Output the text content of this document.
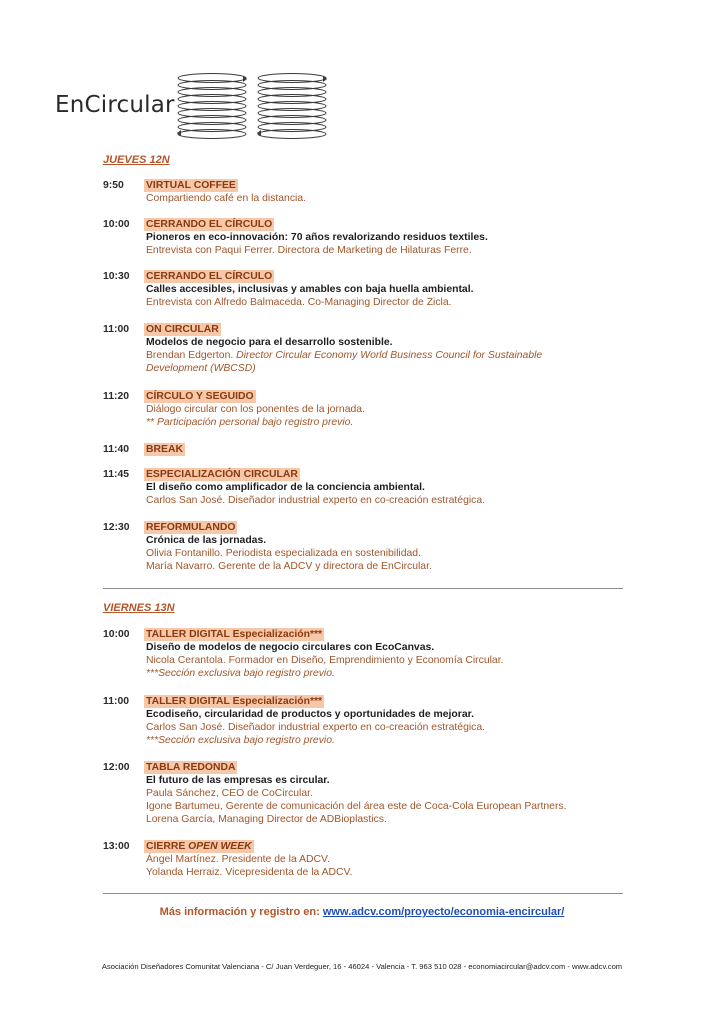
EnCircular
JUEVES 12N
9:50 VIRTUAL COFFEE
Compartiendo café en la distancia.
10:00 CERRANDO EL CÍRCULO
Pioneros en eco-innovación: 70 años revalorizando residuos textiles.
Entrevista con Paqui Ferrer. Directora de Marketing de Hilaturas Ferre.
10:30 CERRANDO EL CÍRCULO
Calles accesibles, inclusivas y amables con baja huella ambiental.
Entrevista con Alfredo Balmaceda. Co-Managing Director de Zicla.
11:00 ON CIRCULAR
Modelos de negocio para el desarrollo sostenible.
Brendan Edgerton. Director Circular Economy World Business Council for Sustainable
Development (WBCSD)
11:20 CÍRCULO Y SEGUIDO
Diálogo circular con los ponentes de la jornada.
** Participación personal bajo registro previo.
11:40 BREAK
11:45 ESPECIALIZACIÓN CIRCULAR
El diseño como amplificador de la conciencia ambiental.
Carlos San José. Diseñador industrial experto en co-creación estratégica.
12:30 REFORMULANDO
Crónica de las jornadas.
Olivia Fontanillo. Periodista especializada en sostenibilidad.
María Navarro. Gerente de la ADCV y directora de EnCircular.
VIERNES 13N
10:00 TALLER DIGITAL Especialización***
Diseño de modelos de negocio circulares con EcoCanvas.
Nicola Cerantola. Formador en Diseño, Emprendimiento y Economía Circular.
***Sección exclusiva bajo registro previo.
11:00 TALLER DIGITAL Especialización***
Ecodiseño, circularidad de productos y oportunidades de mejorar.
Carlos San José. Diseñador industrial experto en co-creación estratégica.
***Sección exclusiva bajo registro previo.
12:00 TABLA REDONDA
El futuro de las empresas es circular.
Paula Sánchez, CEO de CoCircular.
Igone Bartumeu, Gerente de comunicación del área este de Coca-Cola European Partners.
Lorena García, Managing Director de ADBioplastics.
13:00 CIERRE OPEN WEEK
Ángel Martínez. Presidente de la ADCV.
Yolanda Herraiz. Vicepresidenta de la ADCV.
Más información y registro en: www.adcv.com/proyecto/economia-encircular/
Asociación Diseñadores Comunitat Valenciana - C/ Juan Verdeguer, 16 - 46024 - Valencia - T. 963 510 028 - economiacircular@adcv.com - www.adcv.com
